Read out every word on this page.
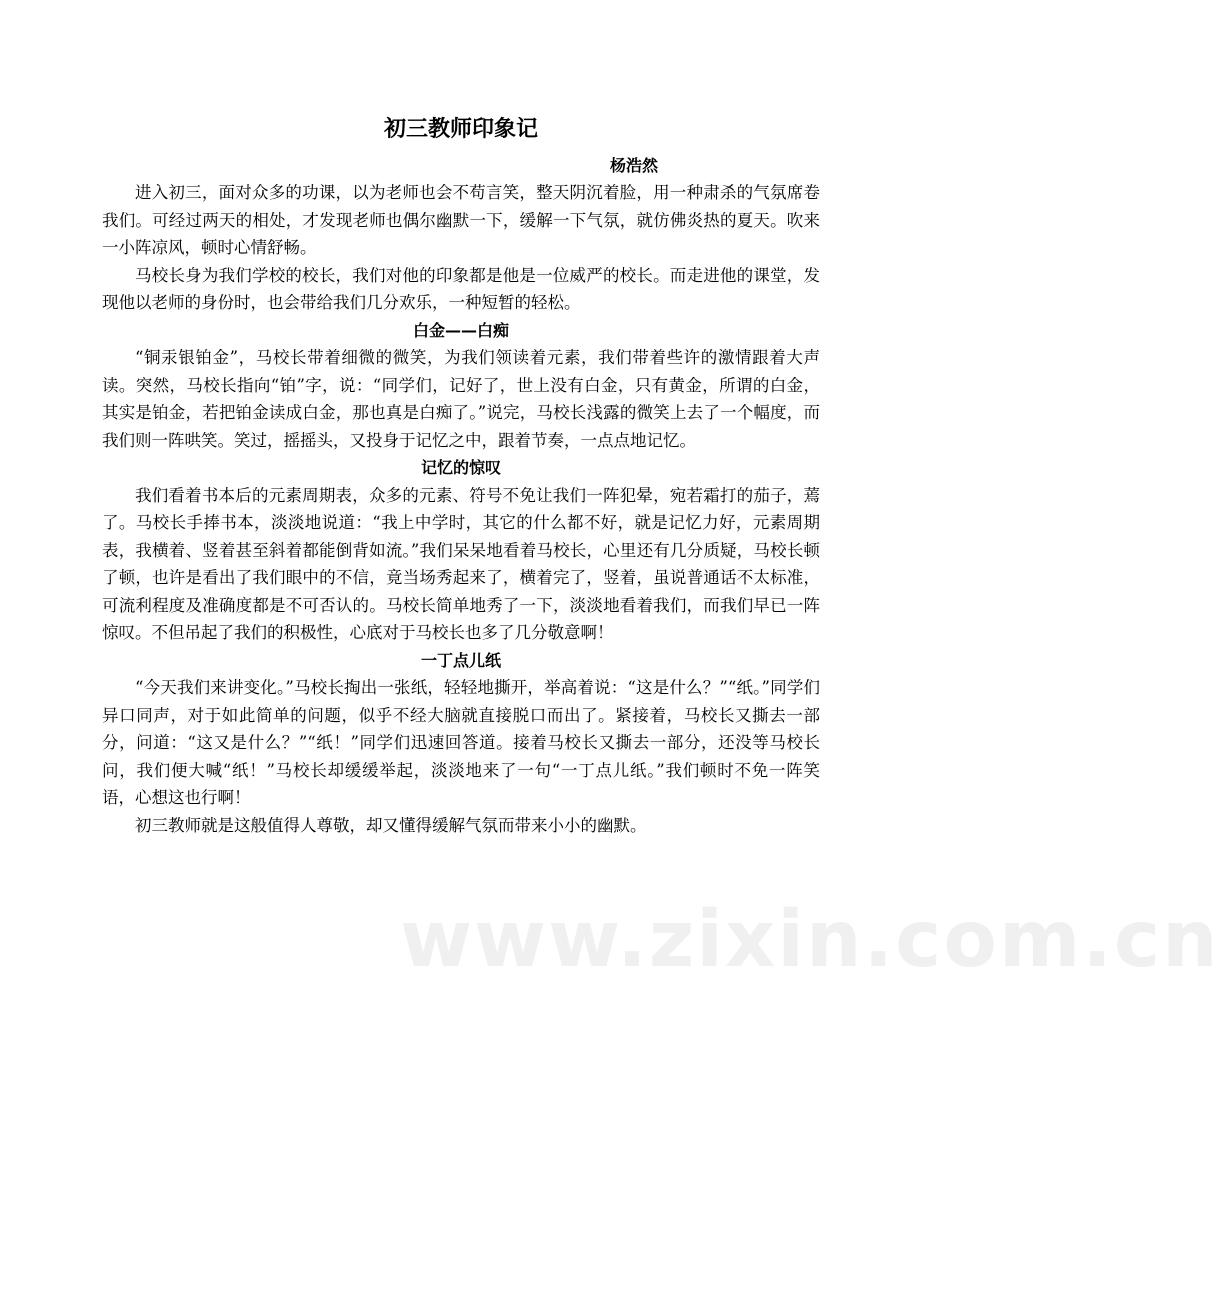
www.zixin.com.cn
初三教师印象记

杨浩然

进入初三，面对众多的功课，以为老师也会不苟言笑，整天阴沉着脸，用一种肃杀的气氛席卷我们。可经过两天的相处，才发现老师也偶尔幽默一下，缓解一下气氛，就仿佛炎热的夏天。吹来一小阵凉风，顿时心情舒畅。

马校长身为我们学校的校长，我们对他的印象都是他是一位威严的校长。而走进他的课堂，发现他以老师的身份时，也会带给我们几分欢乐，一种短暂的轻松。

白金——白痴

“铜汞银铂金”，马校长带着细微的微笑，为我们领读着元素，我们带着些许的激情跟着大声读。突然，马校长指向“铂”字，说：“同学们，记好了，世上没有白金，只有黄金，所谓的白金，其实是铂金，若把铂金读成白金，那也真是白痴了。”说完，马校长浅露的微笑上去了一个幅度，而我们则一阵哄笑。笑过，摇摇头，又投身于记忆之中，跟着节奏，一点点地记忆。

记忆的惊叹

我们看着书本后的元素周期表，众多的元素、符号不免让我们一阵犯晕，宛若霜打的茄子，蔫了。马校长手捧书本，淡淡地说道：“我上中学时，其它的什么都不好，就是记忆力好，元素周期表，我横着、竖着甚至斜着都能倒背如流。”我们呆呆地看着马校长，心里还有几分质疑，马校长顿了顿，也许是看出了我们眼中的不信，竟当场秀起来了，横着完了，竖着，虽说普通话不太标准，可流利程度及准确度都是不可否认的。马校长简单地秀了一下，淡淡地看着我们，而我们早已一阵惊叹。不但吊起了我们的积极性，心底对于马校长也多了几分敬意啊！

一丁点儿纸

“今天我们来讲变化。”马校长掏出一张纸，轻轻地撕开，举高着说：“这是什么？”“纸。”同学们异口同声，对于如此简单的问题，似乎不经大脑就直接脱口而出了。紧接着，马校长又撕去一部分，问道：“这又是什么？”“纸！”同学们迅速回答道。接着马校长又撕去一部分，还没等马校长问，我们便大喊“纸！”马校长却缓缓举起，淡淡地来了一句“一丁点儿纸。”我们顿时不免一阵笑语，心想这也行啊！

初三教师就是这般值得人尊敬，却又懂得缓解气氛而带来小小的幽默。
